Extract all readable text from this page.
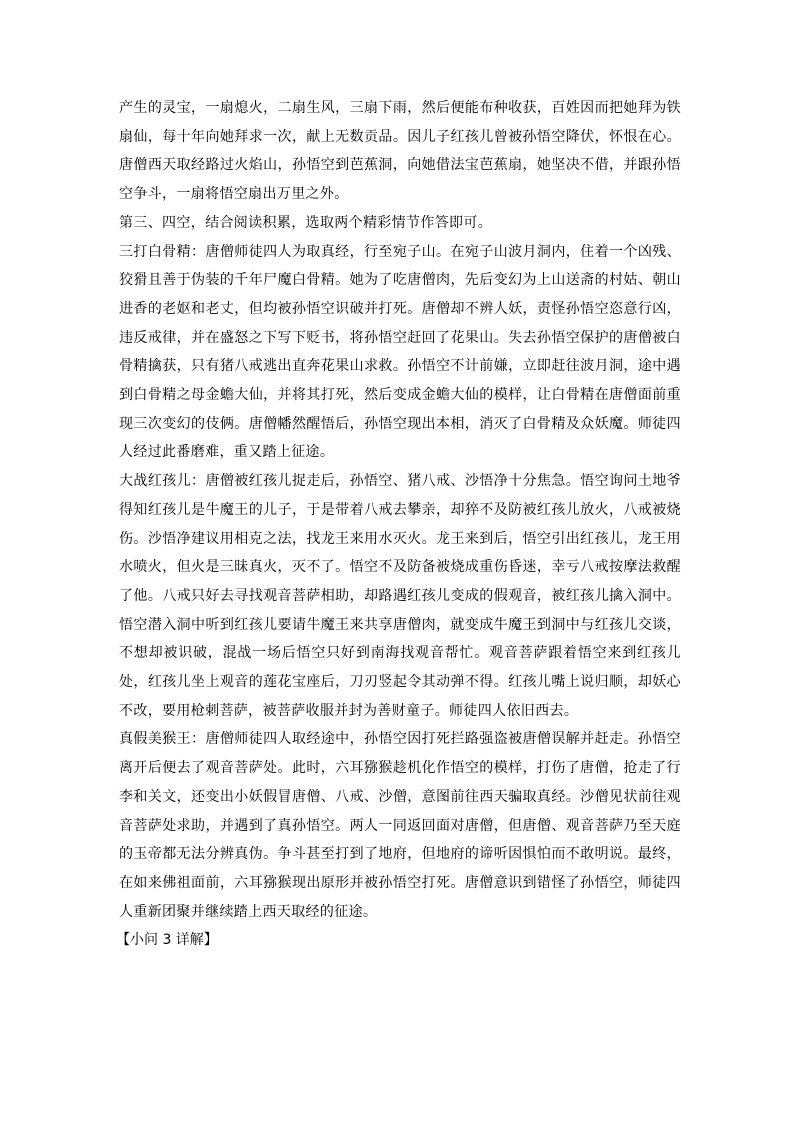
产生的灵宝，一扇熄火，二扇生风，三扇下雨，然后便能布种收获，百姓因而把她拜为铁扇仙，每十年向她拜求一次，献上无数贡品。因儿子红孩儿曾被孙悟空降伏，怀恨在心。唐僧西天取经路过火焰山，孙悟空到芭蕉洞，向她借法宝芭蕉扇，她坚决不借，并跟孙悟空争斗，一扇将悟空扇出万里之外。

第三、四空，结合阅读积累，选取两个精彩情节作答即可。

三打白骨精：唐僧师徒四人为取真经，行至宛子山。在宛子山波月洞内，住着一个凶残、狡猾且善于伪装的千年尸魔白骨精。她为了吃唐僧肉，先后变幻为上山送斋的村姑、朝山进香的老妪和老丈，但均被孙悟空识破并打死。唐僧却不辨人妖，责怪孙悟空恣意行凶，违反戒律，并在盛怒之下写下贬书，将孙悟空赶回了花果山。失去孙悟空保护的唐僧被白骨精擒获，只有猪八戒逃出直奔花果山求救。孙悟空不计前嫌，立即赶往波月洞，途中遇到白骨精之母金蟾大仙，并将其打死，然后变成金蟾大仙的模样，让白骨精在唐僧面前重现三次变幻的伎俩。唐僧幡然醒悟后，孙悟空现出本相，消灭了白骨精及众妖魔。师徒四人经过此番磨难，重又踏上征途。

大战红孩儿：唐僧被红孩儿捉走后，孙悟空、猪八戒、沙悟净十分焦急。悟空询问土地爷得知红孩儿是牛魔王的儿子，于是带着八戒去攀亲，却猝不及防被红孩儿放火，八戒被烧伤。沙悟净建议用相克之法，找龙王来用水灭火。龙王来到后，悟空引出红孩儿，龙王用水喷火，但火是三昧真火，灭不了。悟空不及防备被烧成重伤昏迷，幸亏八戒按摩法救醒了他。八戒只好去寻找观音菩萨相助，却路遇红孩儿变成的假观音，被红孩儿擒入洞中。悟空潜入洞中听到红孩儿要请牛魔王来共享唐僧肉，就变成牛魔王到洞中与红孩儿交谈，不想却被识破，混战一场后悟空只好到南海找观音帮忙。观音菩萨跟着悟空来到红孩儿处，红孩儿坐上观音的莲花宝座后，刀刃竖起令其动弹不得。红孩儿嘴上说归顺，却妖心不改，要用枪刺菩萨，被菩萨收服并封为善财童子。师徒四人依旧西去。

真假美猴王：唐僧师徒四人取经途中，孙悟空因打死拦路强盗被唐僧误解并赶走。孙悟空离开后便去了观音菩萨处。此时，六耳猕猴趁机化作悟空的模样，打伤了唐僧，抢走了行李和关文，还变出小妖假冒唐僧、八戒、沙僧，意图前往西天骗取真经。沙僧见状前往观音菩萨处求助，并遇到了真孙悟空。两人一同返回面对唐僧，但唐僧、观音菩萨乃至天庭的玉帝都无法分辨真伪。争斗甚至打到了地府，但地府的谛听因惧怕而不敢明说。最终，在如来佛祖面前，六耳猕猴现出原形并被孙悟空打死。唐僧意识到错怪了孙悟空，师徒四人重新团聚并继续踏上西天取经的征途。

【小问 3 详解】
